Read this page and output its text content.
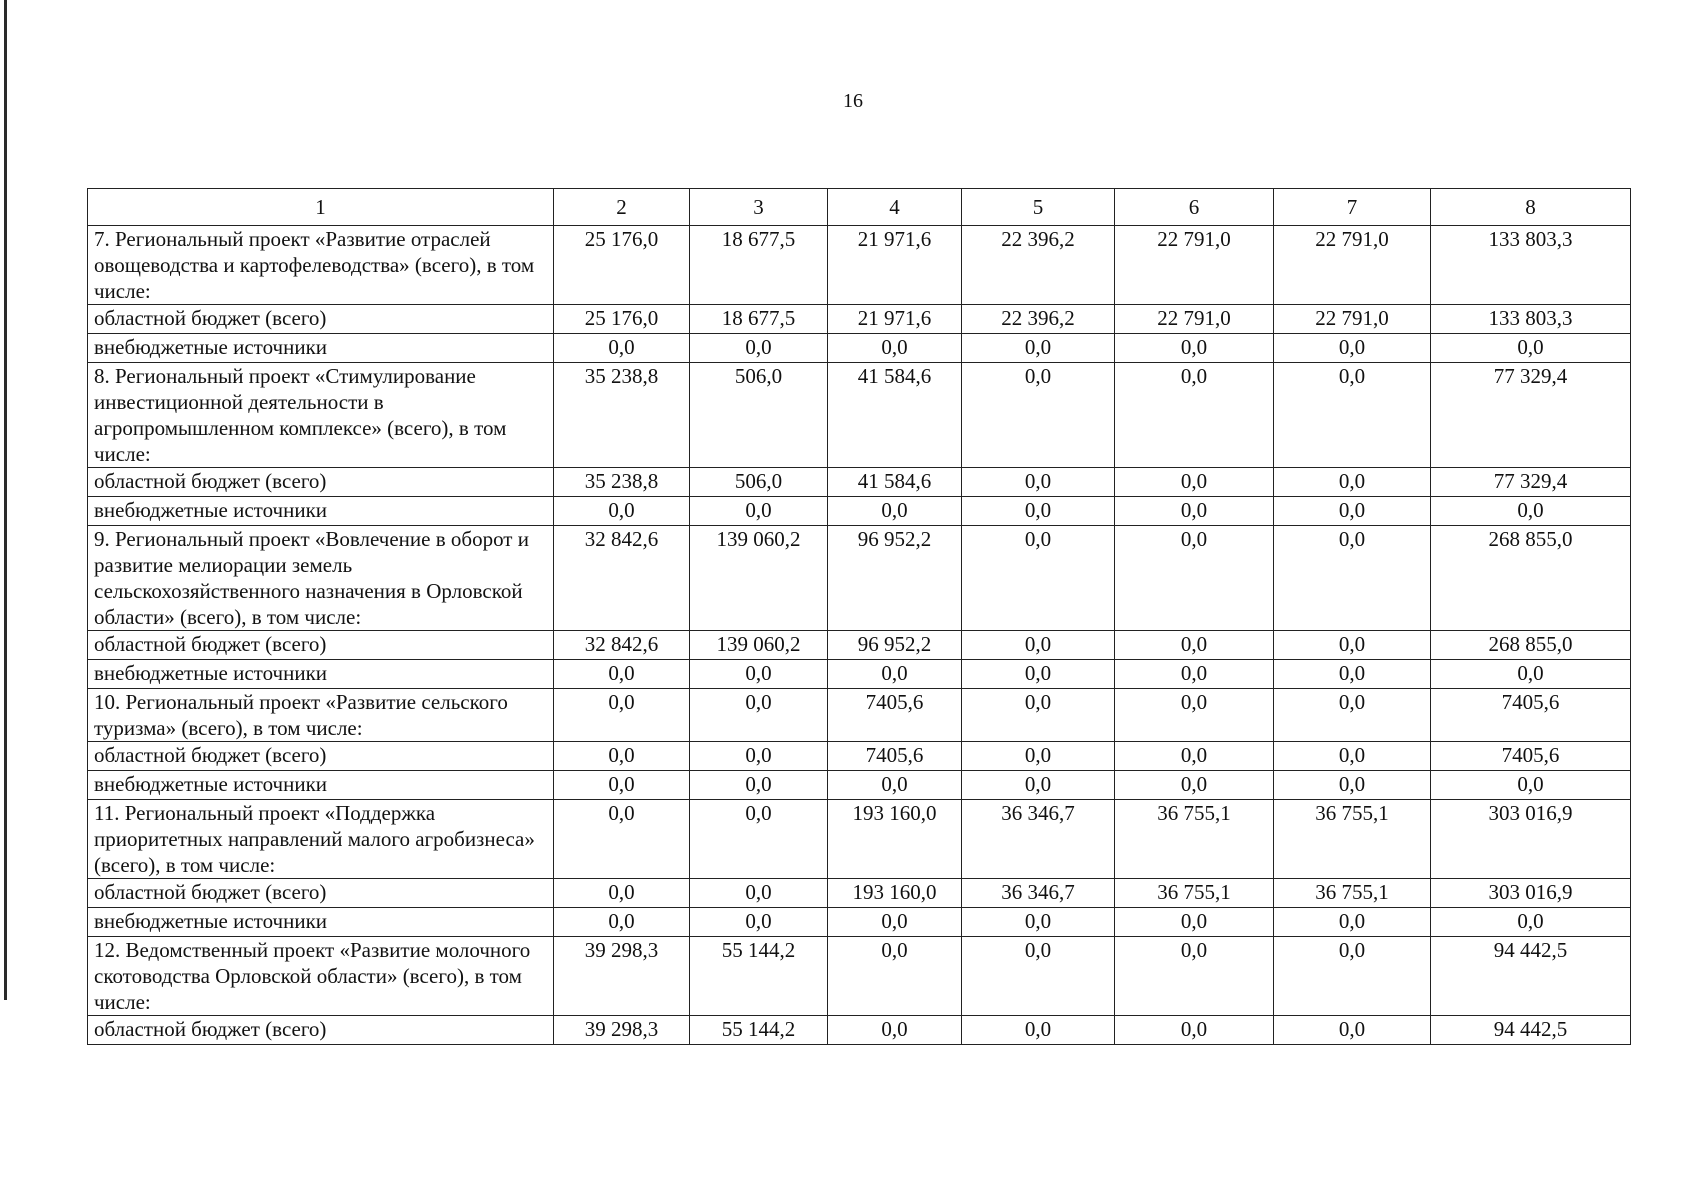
16
1	2	3	4	5	6	7	8
7. Региональный проект «Развитие отраслей овощеводства и картофелеводства» (всего), в том числе:	25 176,0	18 677,5	21 971,6	22 396,2	22 791,0	22 791,0	133 803,3
областной бюджет (всего)	25 176,0	18 677,5	21 971,6	22 396,2	22 791,0	22 791,0	133 803,3
внебюджетные источники	0,0	0,0	0,0	0,0	0,0	0,0	0,0
8. Региональный проект «Стимулирование инвестиционной деятельности в агропромышленном комплексе» (всего), в том числе:	35 238,8	506,0	41 584,6	0,0	0,0	0,0	77 329,4
областной бюджет (всего)	35 238,8	506,0	41 584,6	0,0	0,0	0,0	77 329,4
внебюджетные источники	0,0	0,0	0,0	0,0	0,0	0,0	0,0
9. Региональный проект «Вовлечение в оборот и развитие мелиорации земель сельскохозяйственного назначения в Орловской области» (всего), в том числе:	32 842,6	139 060,2	96 952,2	0,0	0,0	0,0	268 855,0
областной бюджет (всего)	32 842,6	139 060,2	96 952,2	0,0	0,0	0,0	268 855,0
внебюджетные источники	0,0	0,0	0,0	0,0	0,0	0,0	0,0
10. Региональный проект «Развитие сельского туризма» (всего), в том числе:	0,0	0,0	7405,6	0,0	0,0	0,0	7405,6
областной бюджет (всего)	0,0	0,0	7405,6	0,0	0,0	0,0	7405,6
внебюджетные источники	0,0	0,0	0,0	0,0	0,0	0,0	0,0
11. Региональный проект «Поддержка приоритетных направлений малого агробизнеса» (всего), в том числе:	0,0	0,0	193 160,0	36 346,7	36 755,1	36 755,1	303 016,9
областной бюджет (всего)	0,0	0,0	193 160,0	36 346,7	36 755,1	36 755,1	303 016,9
внебюджетные источники	0,0	0,0	0,0	0,0	0,0	0,0	0,0
12. Ведомственный проект «Развитие молочного скотоводства Орловской области» (всего), в том числе:	39 298,3	55 144,2	0,0	0,0	0,0	0,0	94 442,5
областной бюджет (всего)	39 298,3	55 144,2	0,0	0,0	0,0	0,0	94 442,5
